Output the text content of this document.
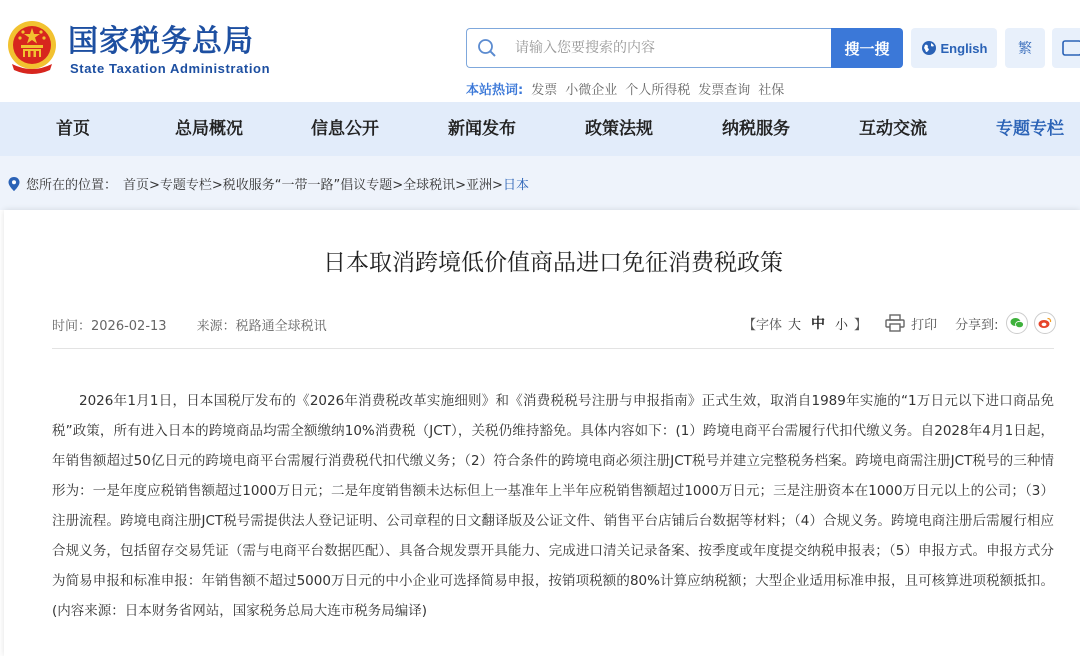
国家税务总局
State Taxation Administration
请输入您要搜索的内容
搜一搜	English	繁
本站热词: 发票 小微企业 个人所得税 发票查询 社保
首页	总局概况	信息公开	新闻发布	政策法规	纳税服务	互动交流	专题专栏
您所在的位置： 首页>专题专栏>税收服务“一带一路”倡议专题>全球税讯>亚洲> 日本
日本取消跨境低价值商品进口免征消费税政策
时间：2026-02-13 来源：税路通全球税讯	【字体 大 中 小 】	打印 分享到:
2026年1月1日，日本国税厅发布的《2026年消费税改革实施细则》和《消费税税号注册与申报指南》正式生效，取消自1989年实施的“1万日元以下进口商品免税”政策，所有进入日本的跨境商品均需全额缴纳10%消费税（JCT），关税仍维持豁免。具体内容如下：(1）跨境电商平台需履行代扣代缴义务。自2028年4月1日起，年销售额超过50亿日元的跨境电商平台需履行消费税代扣代缴义务；（2）符合条件的跨境电商必须注册JCT税号并建立完整税务档案。跨境电商需注册JCT税号的三种情形为：一是年度应税销售额超过1000万日元；二是年度销售额未达标但上一基准年上半年应税销售额超过1000万日元；三是注册资本在1000万日元以上的公司；（3）注册流程。跨境电商注册JCT税号需提供法人登记证明、公司章程的日文翻译版及公证文件、销售平台店铺后台数据等材料；（4）合规义务。跨境电商注册后需履行相应合规义务，包括留存交易凭证（需与电商平台数据匹配）、具备合规发票开具能力、完成进口清关记录备案、按季度或年度提交纳税申报表；（5）申报方式。申报方式分为简易申报和标准申报：年销售额不超过5000万日元的中小企业可选择简易申报，按销项税额的80%计算应纳税额；大型企业适用标准申报，且可核算进项税额抵扣。(内容来源：日本财务省网站，国家税务总局大连市税务局编译)
